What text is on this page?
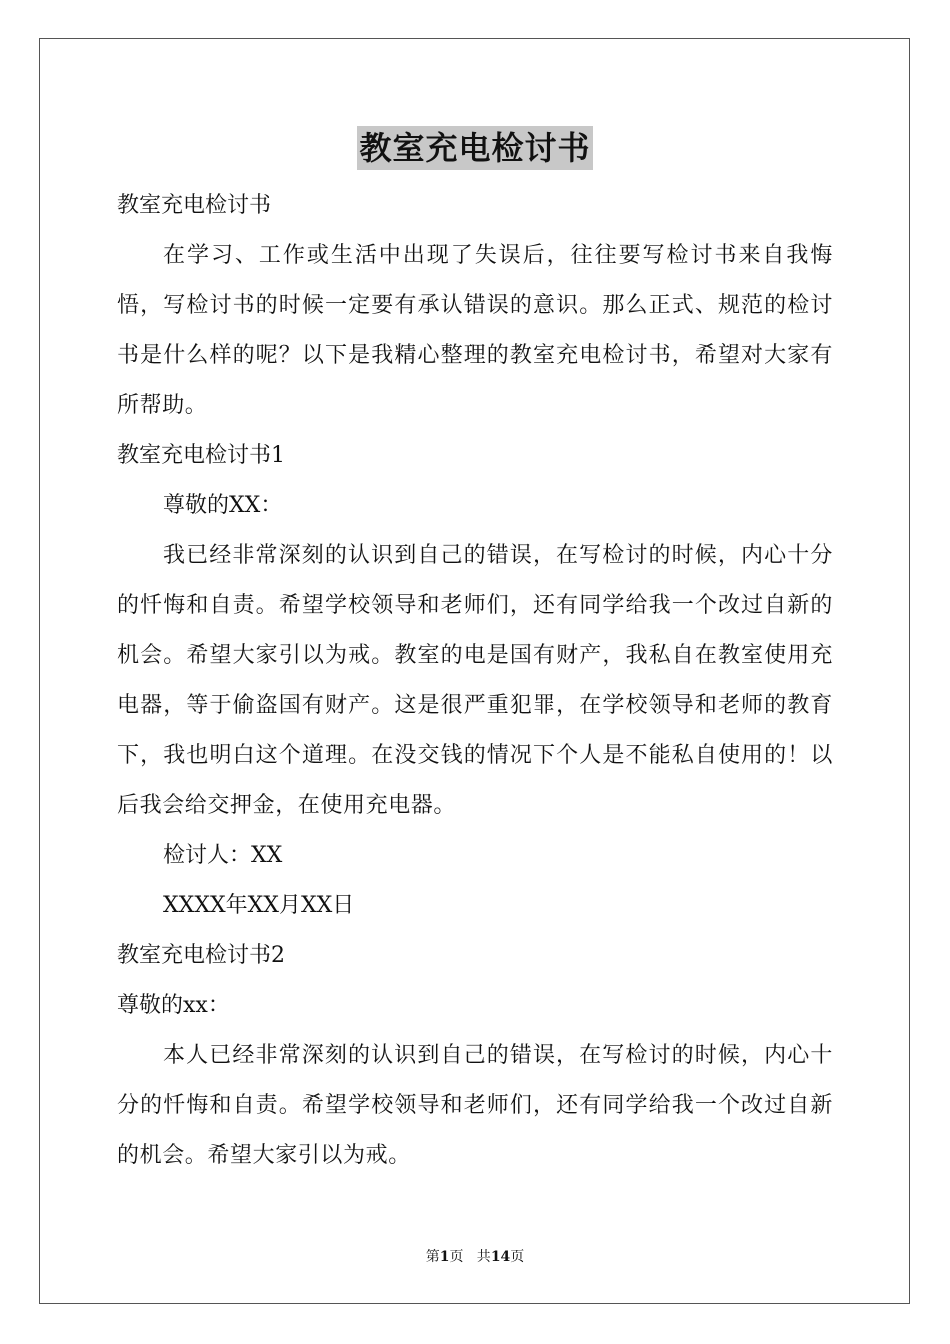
教室充电检讨书

教室充电检讨书

在学习、工作或生活中出现了失误后，往往要写检讨书来自我悔悟，写检讨书的时候一定要有承认错误的意识。那么正式、规范的检讨书是什么样的呢？以下是我精心整理的教室充电检讨书，希望对大家有所帮助。

教室充电检讨书1

尊敬的XX：

我已经非常深刻的认识到自己的错误，在写检讨的时候，内心十分的忏悔和自责。希望学校领导和老师们，还有同学给我一个改过自新的机会。希望大家引以为戒。教室的电是国有财产，我私自在教室使用充电器，等于偷盗国有财产。这是很严重犯罪，在学校领导和老师的教育下，我也明白这个道理。在没交钱的情况下个人是不能私自使用的！以后我会给交押金，在使用充电器。

检讨人：XX

XXXX年XX月XX日

教室充电检讨书2

尊敬的xx：

本人已经非常深刻的认识到自己的错误，在写检讨的时候，内心十分的忏悔和自责。希望学校领导和老师们，还有同学给我一个改过自新的机会。希望大家引以为戒。

第1页   共14页
